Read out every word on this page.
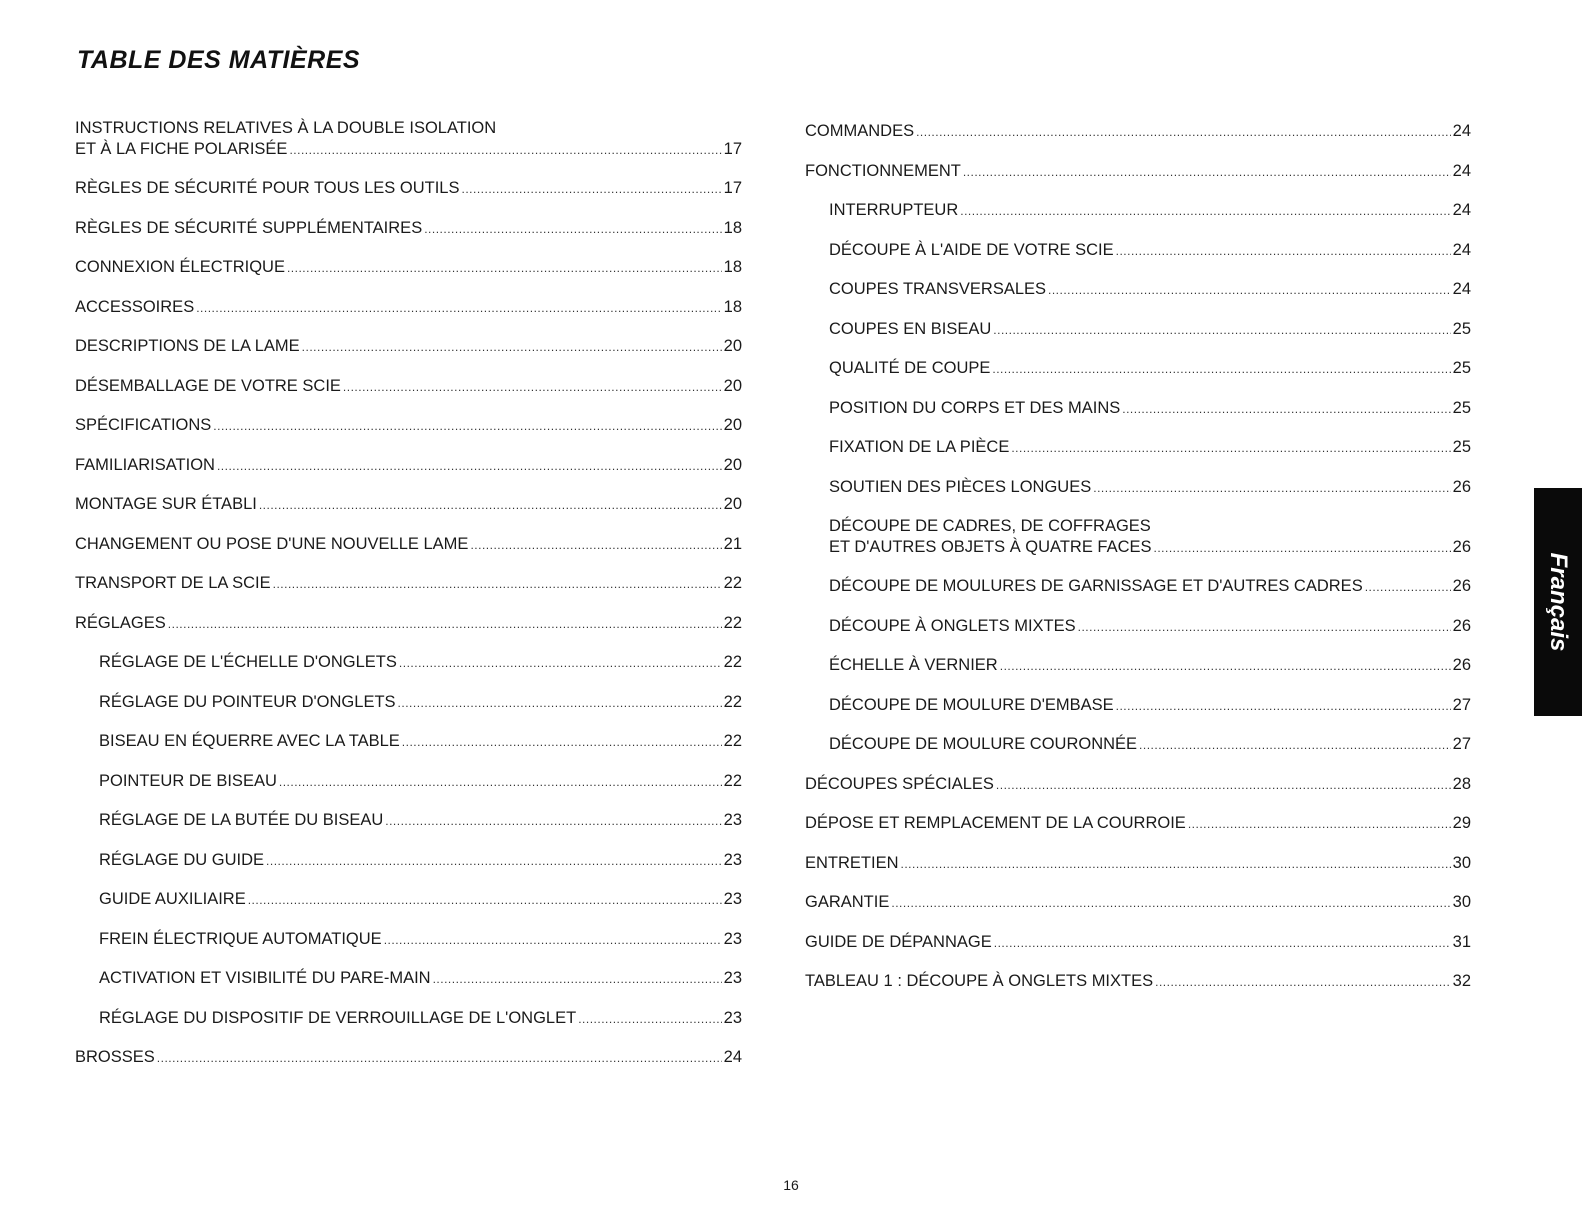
TABLE DES MATIÈRES
INSTRUCTIONS RELATIVES À LA DOUBLE ISOLATION
ET À LA FICHE POLARISÉE .....	17
RÈGLES DE SÉCURITÉ POUR TOUS LES OUTILS .....	17
RÈGLES DE SÉCURITÉ SUPPLÉMENTAIRES .....	18
CONNEXION ÉLECTRIQUE .....	18
ACCESSOIRES .....	18
DESCRIPTIONS DE LA LAME .....	20
DÉSEMBALLAGE DE VOTRE SCIE .....	20
SPÉCIFICATIONS .....	20
FAMILIARISATION .....	20
MONTAGE SUR ÉTABLI .....	20
CHANGEMENT OU POSE D'UNE NOUVELLE LAME .....	21
TRANSPORT DE LA SCIE .....	22
RÉGLAGES .....	22
RÉGLAGE DE L'ÉCHELLE D'ONGLETS .....	22
RÉGLAGE DU POINTEUR D'ONGLETS .....	22
BISEAU EN ÉQUERRE AVEC LA TABLE .....	22
POINTEUR DE BISEAU .....	22
RÉGLAGE DE LA BUTÉE DU BISEAU .....	23
RÉGLAGE DU GUIDE .....	23
GUIDE AUXILIAIRE .....	23
FREIN ÉLECTRIQUE AUTOMATIQUE .....	23
ACTIVATION ET VISIBILITÉ DU PARE-MAIN .....	23
RÉGLAGE DU DISPOSITIF DE VERROUILLAGE DE L'ONGLET .....	23
BROSSES .....	24
COMMANDES .....	24
FONCTIONNEMENT .....	24
INTERRUPTEUR .....	24
DÉCOUPE À L'AIDE DE VOTRE SCIE .....	24
COUPES TRANSVERSALES .....	24
COUPES EN BISEAU .....	25
QUALITÉ DE COUPE .....	25
POSITION DU CORPS ET DES MAINS .....	25
FIXATION DE LA PIÈCE .....	25
SOUTIEN DES PIÈCES LONGUES .....	26
DÉCOUPE DE CADRES, DE COFFRAGES
ET D'AUTRES OBJETS À QUATRE FACES .....	26
DÉCOUPE DE MOULURES DE GARNISSAGE ET D'AUTRES CADRES .....	26
DÉCOUPE À ONGLETS MIXTES .....	26
ÉCHELLE À VERNIER .....	26
DÉCOUPE DE MOULURE D'EMBASE .....	27
DÉCOUPE DE MOULURE COURONNÉE .....	27
DÉCOUPES SPÉCIALES .....	28
DÉPOSE ET REMPLACEMENT DE LA COURROIE .....	29
ENTRETIEN .....	30
GARANTIE .....	30
GUIDE DE DÉPANNAGE .....	31
TABLEAU 1 : DÉCOUPE À ONGLETS MIXTES .....	32
Français
16
